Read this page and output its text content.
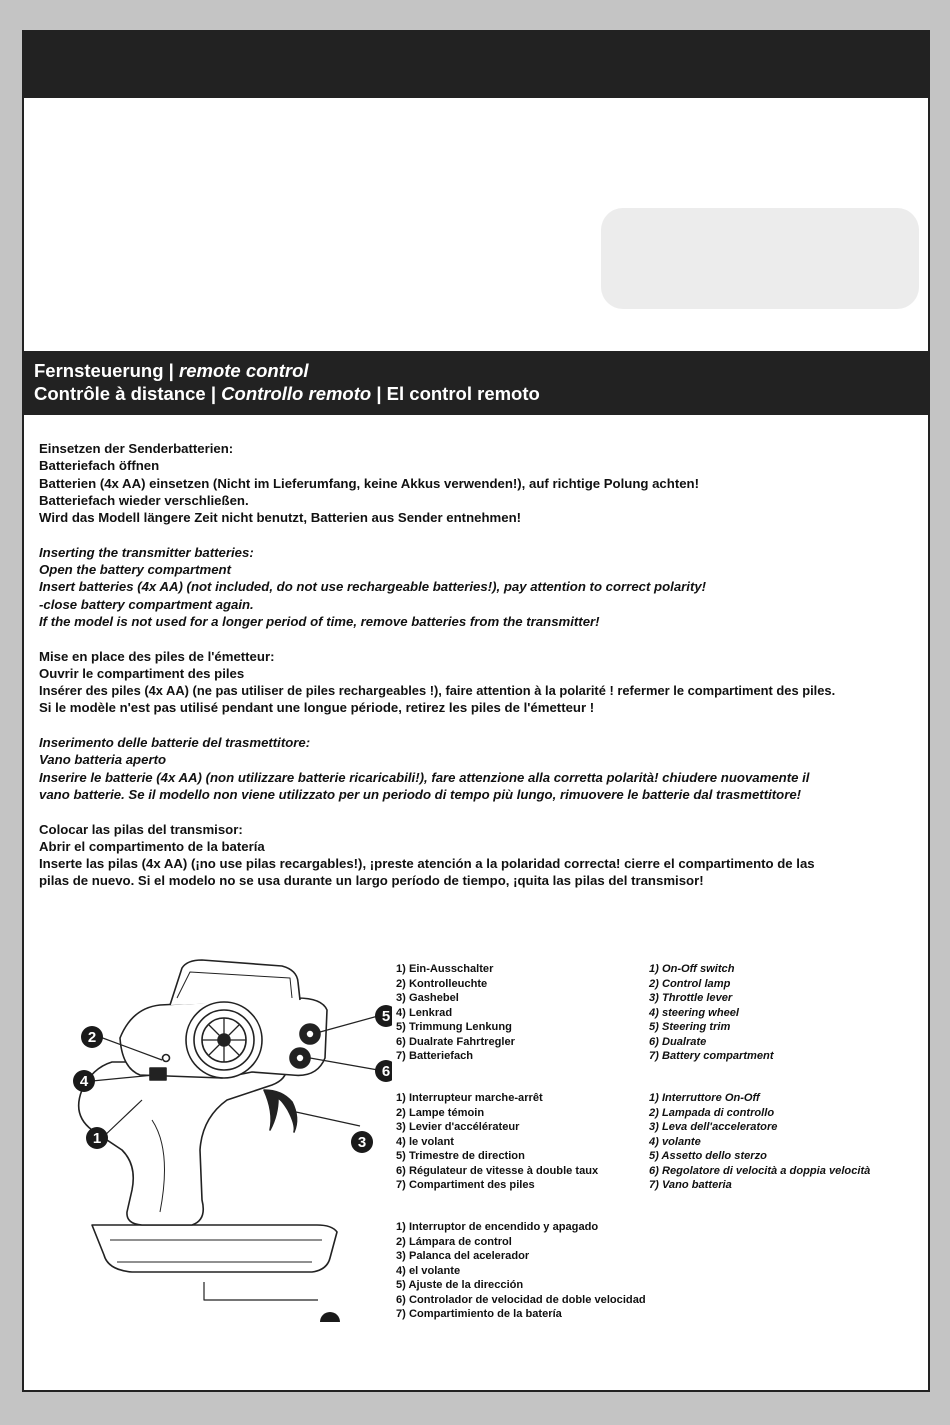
Fernsteuerung | remote control
Contrôle à distance | Controllo remoto | El control remoto
Einsetzen der Senderbatterien:
Batteriefach öffnen
Batterien (4x AA) einsetzen (Nicht im Lieferumfang, keine Akkus verwenden!), auf richtige Polung achten!
Batteriefach wieder verschließen.
Wird das Modell längere Zeit nicht benutzt, Batterien aus Sender entnehmen!
Inserting the transmitter batteries:
Open the battery compartment
Insert batteries (4x AA) (not included, do not use rechargeable batteries!), pay attention to correct polarity!
-close battery compartment again.
If the model is not used for a longer period of time, remove batteries from the transmitter!
Mise en place des piles de l'émetteur:
Ouvrir le compartiment des piles
Insérer des piles (4x AA) (ne pas utiliser de piles rechargeables !), faire attention à la polarité ! refermer le compartiment des piles.
Si le modèle n'est pas utilisé pendant une longue période, retirez les piles de l'émetteur !
Inserimento delle batterie del trasmettitore:
Vano batteria aperto
Inserire le batterie (4x AA) (non utilizzare batterie ricaricabili!), fare attenzione alla corretta polarità! chiudere nuovamente il
vano batterie. Se il modello non viene utilizzato per un periodo di tempo più lungo, rimuovere le batterie dal trasmettitore!
Colocar las pilas del transmisor:
Abrir el compartimento de la batería
Inserte las pilas (4x AA) (¡no use pilas recargables!), ¡preste atención a la polaridad correcta! cierre el compartimento de las
pilas de nuevo. Si el modelo no se usa durante un largo período de tiempo, ¡quita las pilas del transmisor!
1
2
3
4
5
6
1) Ein-Ausschalter
2) Kontrolleuchte
3) Gashebel
4) Lenkrad
5) Trimmung Lenkung
6) Dualrate Fahrtregler
7) Batteriefach
1) On-Off switch
2) Control lamp
3) Throttle lever
4) steering wheel
5) Steering trim
6) Dualrate
7) Battery compartment
1) Interrupteur marche-arrêt
2) Lampe témoin
3) Levier d'accélérateur
4) le volant
5) Trimestre de direction
6) Régulateur de vitesse à double taux
7) Compartiment des piles
1) Interruttore On-Off
2) Lampada di controllo
3) Leva dell'acceleratore
4) volante
5) Assetto dello sterzo
6) Regolatore di velocità a doppia velocità
7) Vano batteria
1) Interruptor de encendido y apagado
2) Lámpara de control
3) Palanca del acelerador
4) el volante
5) Ajuste de la dirección
6) Controlador de velocidad de doble velocidad
7) Compartimiento de la batería
